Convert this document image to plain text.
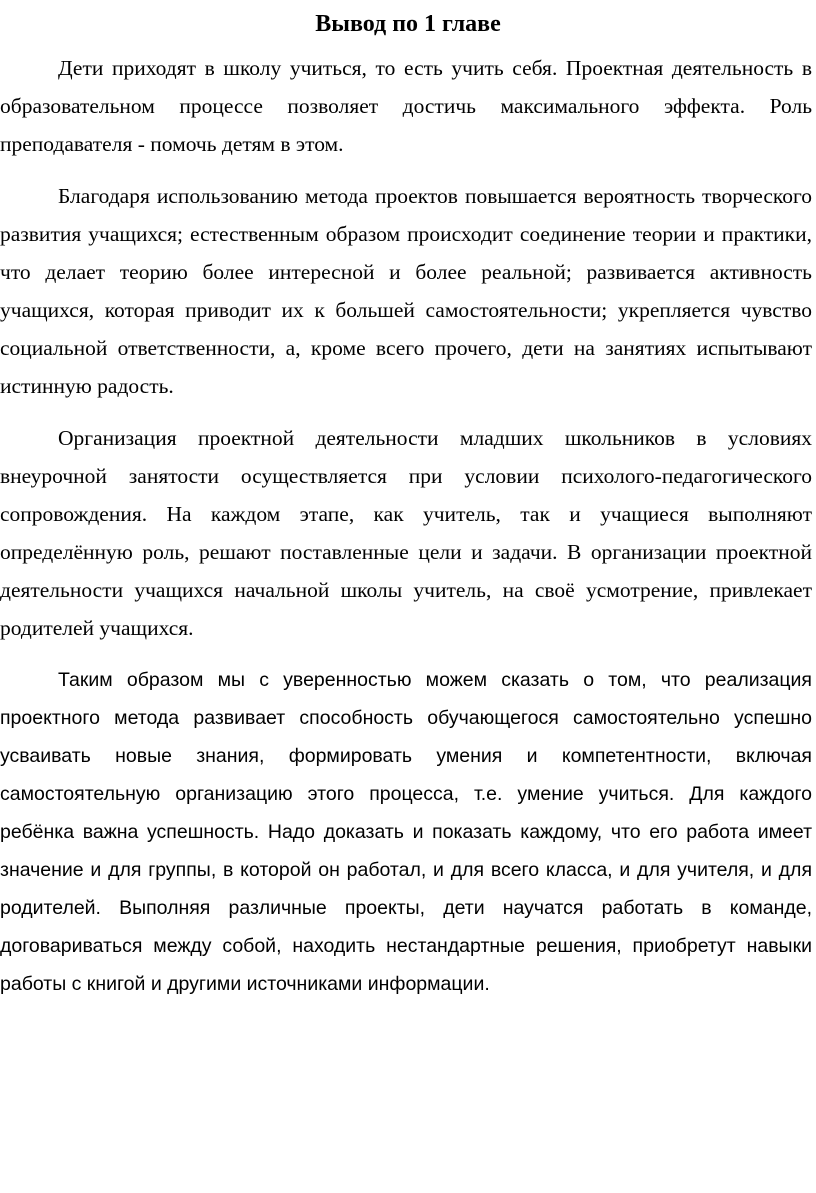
Вывод по 1 главе

Дети приходят в школу учиться, то есть учить себя. Проектная деятельность в образовательном процессе позволяет достичь максимального эффекта. Роль преподавателя - помочь детям в этом.

Благодаря использованию метода проектов повышается вероятность творческого развития учащихся; естественным образом происходит соединение теории и практики, что делает теорию более интересной и более реальной; развивается активность учащихся, которая приводит их к большей самостоятельности; укрепляется чувство социальной ответственности, а, кроме всего прочего, дети на занятиях испытывают истинную радость.

Организация проектной деятельности младших школьников в условиях внеурочной занятости осуществляется при условии психолого-педагогического сопровождения. На каждом этапе, как учитель, так и учащиеся выполняют определённую роль, решают поставленные цели и задачи. В организации проектной деятельности учащихся начальной школы учитель, на своё усмотрение, привлекает родителей учащихся.

Таким образом мы с уверенностью можем сказать о том, что реализация проектного метода развивает способность обучающегося самостоятельно успешно усваивать новые знания, формировать умения и компетентности, включая самостоятельную организацию этого процесса, т.е. умение учиться. Для каждого ребёнка важна успешность. Надо доказать и показать каждому, что его работа имеет значение и для группы, в которой он работал, и для всего класса, и для учителя, и для родителей. Выполняя различные проекты, дети научатся работать в команде, договариваться между собой, находить нестандартные решения, приобретут навыки работы с книгой и другими источниками информации.
